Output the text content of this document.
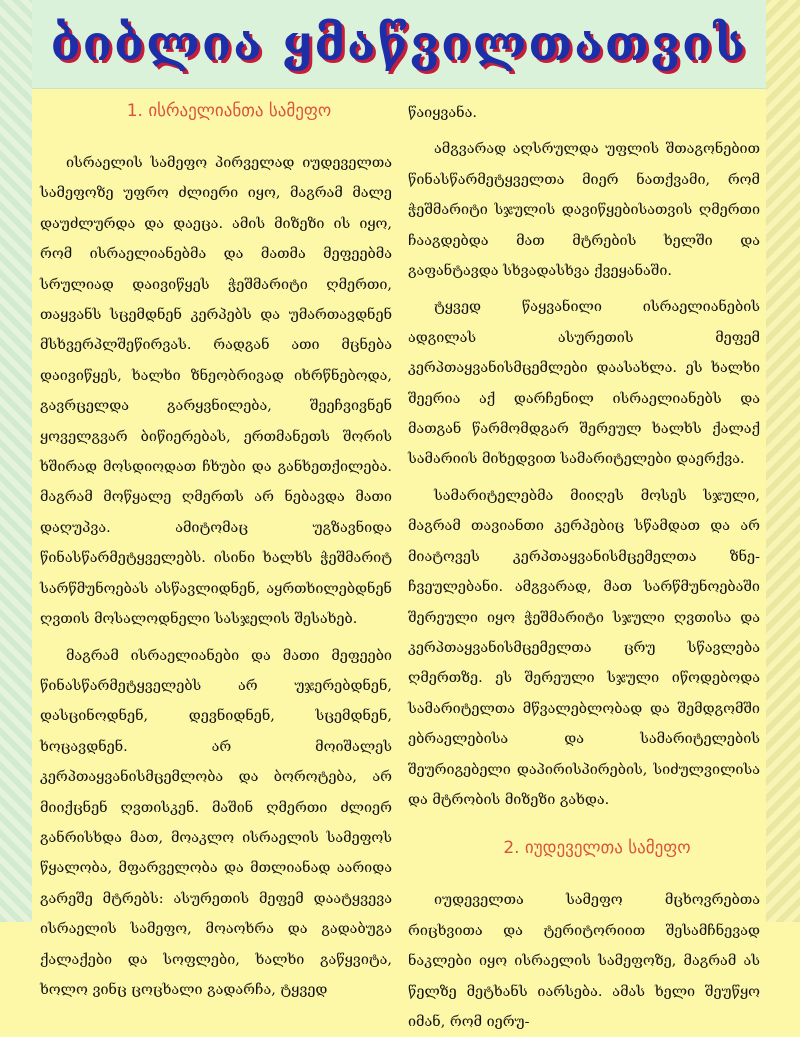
ბიბლია ყმაწვილთათვის

1. ისრაელიანთა სამეფო

ისრაელის სამეფო პირველად იუდეველთა სამეფოზე უფრო ძლიერი იყო, მაგრამ მალე დაუძლურდა და დაეცა. ამის მიზეზი ის იყო, რომ ისრაელიანებმა და მათმა მეფეებმა სრულიად დაივიწყეს ჭეშმარიტი ღმერთი, თაყვანს სცემდნენ კერპებს და უმართავდნენ მსხვერპლშეწირვას. რადგან ათი მცნება დაივიწყეს, ხალხი ზნეობრივად იხრწნებოდა, გავრცელდა გარყვნილება, შეეჩვივნენ ყოველგვარ ბიწიერებას, ერთმანეთს შორის ხშირად მოსდიოდათ ჩხუბი და განხეთქილება. მაგრამ მოწყალე ღმერთს არ ნებავდა მათი დაღუპვა. ამიტომაც უგზავნიდა წინასწარმეტყველებს. ისინი ხალხს ჭეშმარიტ სარწმუნოებას ასწავლიდნენ, აყრთხილებდნენ ღვთის მოსალოდნელი სასჯელის შესახებ.

მაგრამ ისრაელიანები და მათი მეფეები წინასწარმეტყველებს არ უჯერებდნენ, დასცინოდნენ, დევნიდნენ, სცემდნენ, ხოცავდნენ. არ მოიშალეს კერპთაყვანისმცემლობა და ბოროტება, არ მიიქცნენ ღვთისკენ. მაშინ ღმერთი ძლიერ განრისხდა მათ, მოაკლო ისრაელის სამეფოს წყალობა, მფარველობა და მთლიანად აარიდა გარეშე მტრებს: ასურეთის მეფემ დაატყვევა ისრაელის სამეფო, მოაოხრა და გადაბუგა ქალაქები და სოფლები, ხალხი გაწყვიტა, ხოლო ვინც ცოცხალი გადარჩა, ტყვედ

წაიყვანა.

ამგვარად აღსრულდა უფლის შთაგონებით წინასწარმეტყველთა მიერ ნათქვამი, რომ ჭეშმარიტი სჯულის დავიწყებისათვის ღმერთი ჩააგდებდა მათ მტრების ხელში და გაფანტავდა სხვადასხვა ქვეყანაში.

ტყვედ წაყვანილი ისრაელიანების ადგილას ასურეთის მეფემ კერპთაყვანისმცემლები დაასახლა. ეს ხალხი შეერია აქ დარჩენილ ისრაელიანებს და მათგან წარმომდგარ შერეულ ხალხს ქალაქ სამარიის მიხედვით სამარიტელები დაერქვა.

სამარიტელებმა მიიღეს მოსეს სჯული, მაგრამ თავიანთი კერპებიც სწამდათ და არ მიატოვეს კერპთაყვანისმცემელთა ზნე-ჩვეულებანი. ამგვარად, მათ სარწმუნოებაში შერეული იყო ჭეშმარიტი სჯული ღვთისა და კერპთაყვანისმცემელთა ცრუ სწავლება ღმერთზე. ეს შერეული სჯული იწოდებოდა სამარიტელთა მწვალებლობად და შემდგომში ებრაელებისა და სამარიტელების შეურიგებელი დაპირისპირების, სიძულვილისა და მტრობის მიზეზი გახდა.

2. იუდეველთა სამეფო

იუდეველთა სამეფო მცხოვრებთა რიცხვითა და ტერიტორიით შესამჩნევად ნაკლები იყო ისრაელის სამეფოზე, მაგრამ ას წელზე მეტხანს იარსება. ამას ხელი შეუწყო იმან, რომ იერუ-
